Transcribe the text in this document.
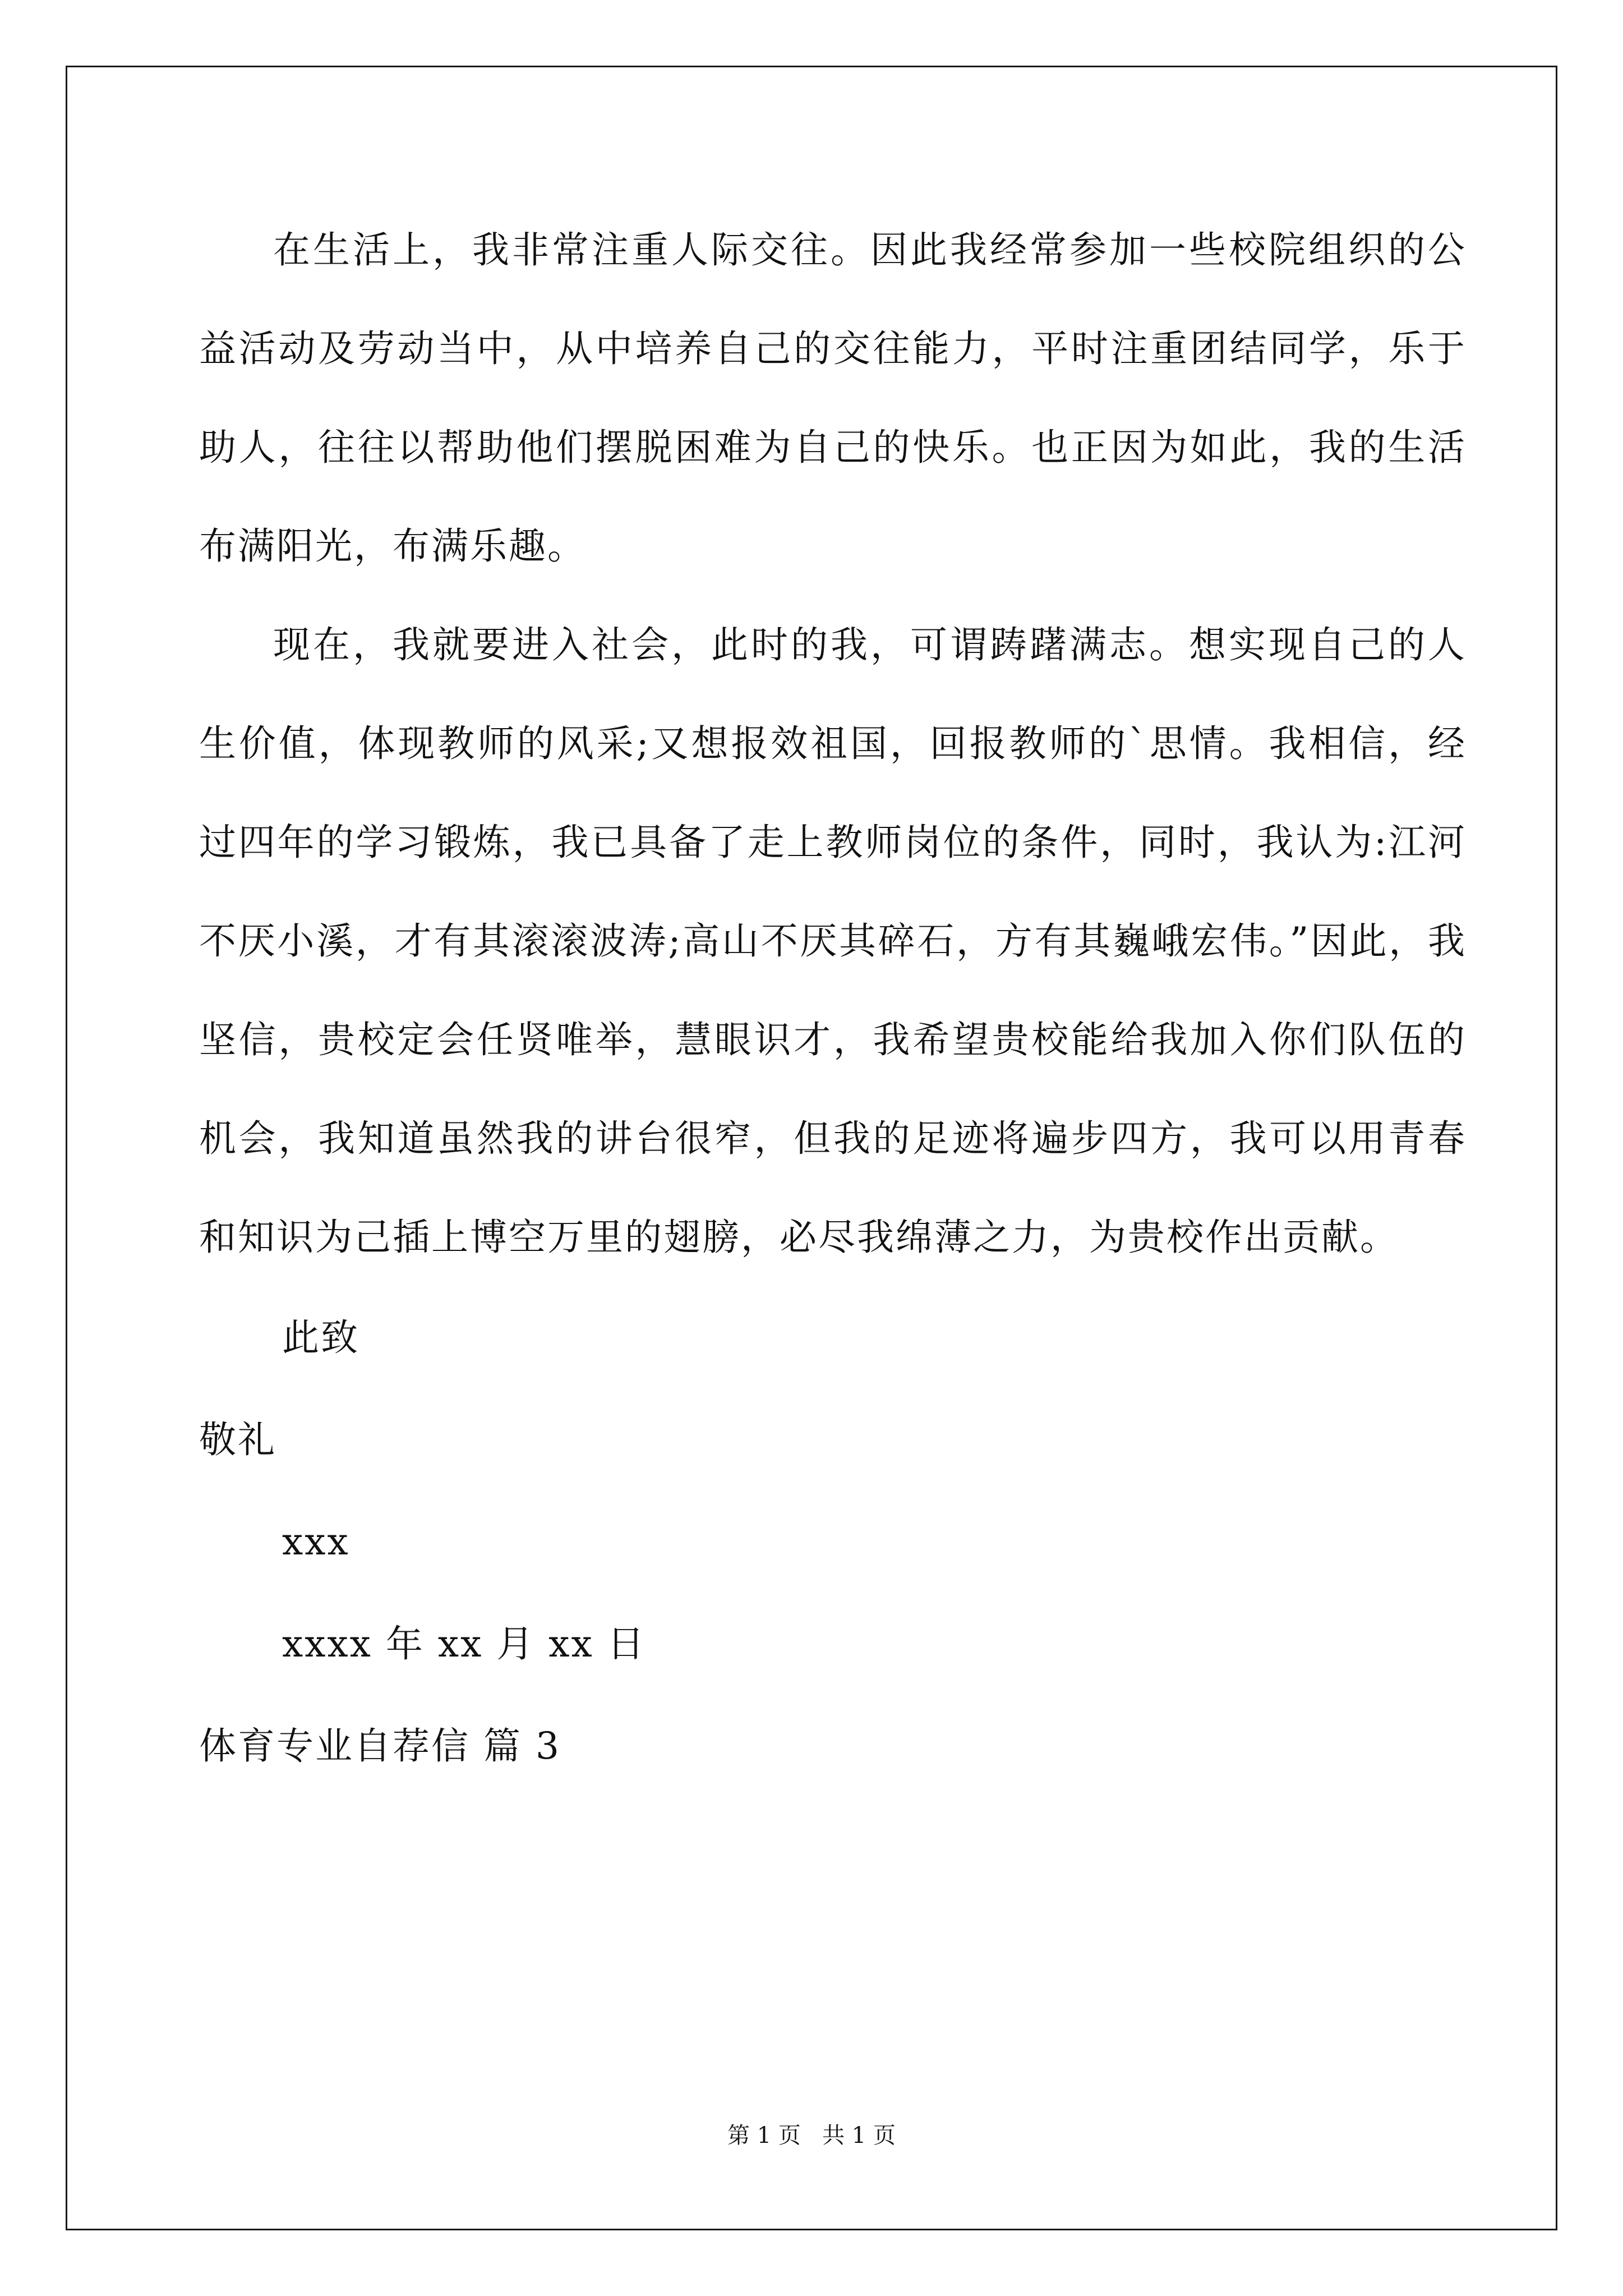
在生活上，我非常注重人际交往。因此我经常参加一些校院组织的公益活动及劳动当中，从中培养自己的交往能力，平时注重团结同学，乐于助人，往往以帮助他们摆脱困难为自己的快乐。也正因为如此，我的生活布满阳光，布满乐趣。

现在，我就要进入社会，此时的我，可谓踌躇满志。想实现自己的人生价值，体现教师的风采;又想报效祖国，回报教师的`思情。我相信，经过四年的学习锻炼，我已具备了走上教师岗位的条件，同时，我认为:江河不厌小溪，才有其滚滚波涛;高山不厌其碎石，方有其巍峨宏伟。”因此，我坚信，贵校定会任贤唯举，慧眼识才，我希望贵校能给我加入你们队伍的机会，我知道虽然我的讲台很窄，但我的足迹将遍步四方，我可以用青春和知识为己插上博空万里的翅膀，必尽我绵薄之力，为贵校作出贡献。

此致

敬礼

xxx

xxxx 年 xx 月 xx 日

体育专业自荐信 篇 3

第 1 页   共 1 页
